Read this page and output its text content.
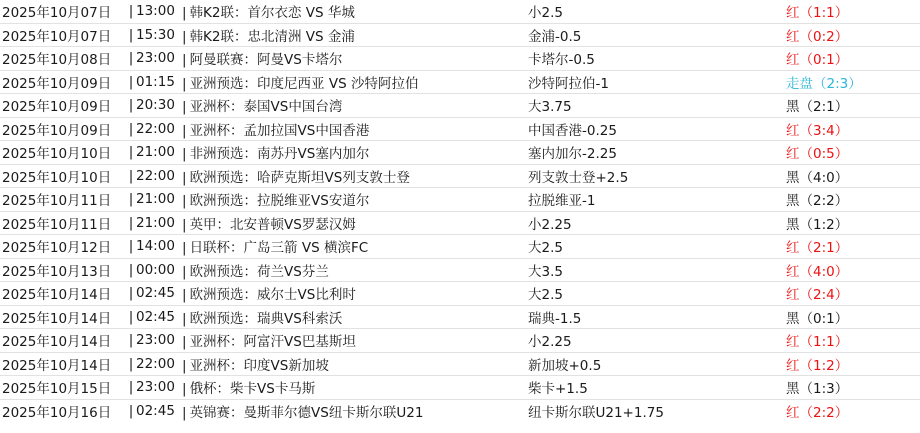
2025年10月07日	| 13:00 | 韩K2联：首尔衣恋 VS 华城	小2.5	红（1:1）
2025年10月07日	| 15:30 | 韩K2联：忠北清洲 VS 金浦	金浦-0.5	红（0:2）
2025年10月08日	| 23:00 | 阿曼联赛：阿曼VS卡塔尔	卡塔尔-0.5	红（0:1）
2025年10月09日	| 01:15 | 亚洲预选：印度尼西亚 VS 沙特阿拉伯	沙特阿拉伯-1	走盘（2:3）
2025年10月09日	| 20:30 | 亚洲杯：泰国VS中国台湾	大3.75	黑（2:1）
2025年10月09日	| 22:00 | 亚洲杯：孟加拉国VS中国香港	中国香港-0.25	红（3:4）
2025年10月10日	| 21:00 | 非洲预选：南苏丹VS塞内加尔	塞内加尔-2.25	红（0:5）
2025年10月10日	| 22:00 | 欧洲预选：哈萨克斯坦VS列支敦士登	列支敦士登+2.5	黑（4:0）
2025年10月11日	| 21:00 | 欧洲预选：拉脱维亚VS安道尔	拉脱维亚-1	黑（2:2）
2025年10月11日	| 21:00 | 英甲：北安普顿VS罗瑟汉姆	小2.25	黑（1:2）
2025年10月12日	| 14:00 | 日联杯：广岛三箭 VS 横滨FC	大2.5	红（2:1）
2025年10月13日	| 00:00 | 欧洲预选：荷兰VS芬兰	大3.5	红（4:0）
2025年10月14日	| 02:45 | 欧洲预选：威尔士VS比利时	大2.5	红（2:4）
2025年10月14日	| 02:45 | 欧洲预选：瑞典VS科索沃	瑞典-1.5	黑（0:1）
2025年10月14日	| 23:00 | 亚洲杯：阿富汗VS巴基斯坦	小2.25	红（1:1）
2025年10月14日	| 22:00 | 亚洲杯：印度VS新加坡	新加坡+0.5	红（1:2）
2025年10月15日	| 23:00 | 俄杯：柴卡VS卡马斯	柴卡+1.5	黑（1:3）
2025年10月16日	| 02:45 | 英锦赛：曼斯菲尔德VS纽卡斯尔联U21	纽卡斯尔联U21+1.75	红（2:2）
